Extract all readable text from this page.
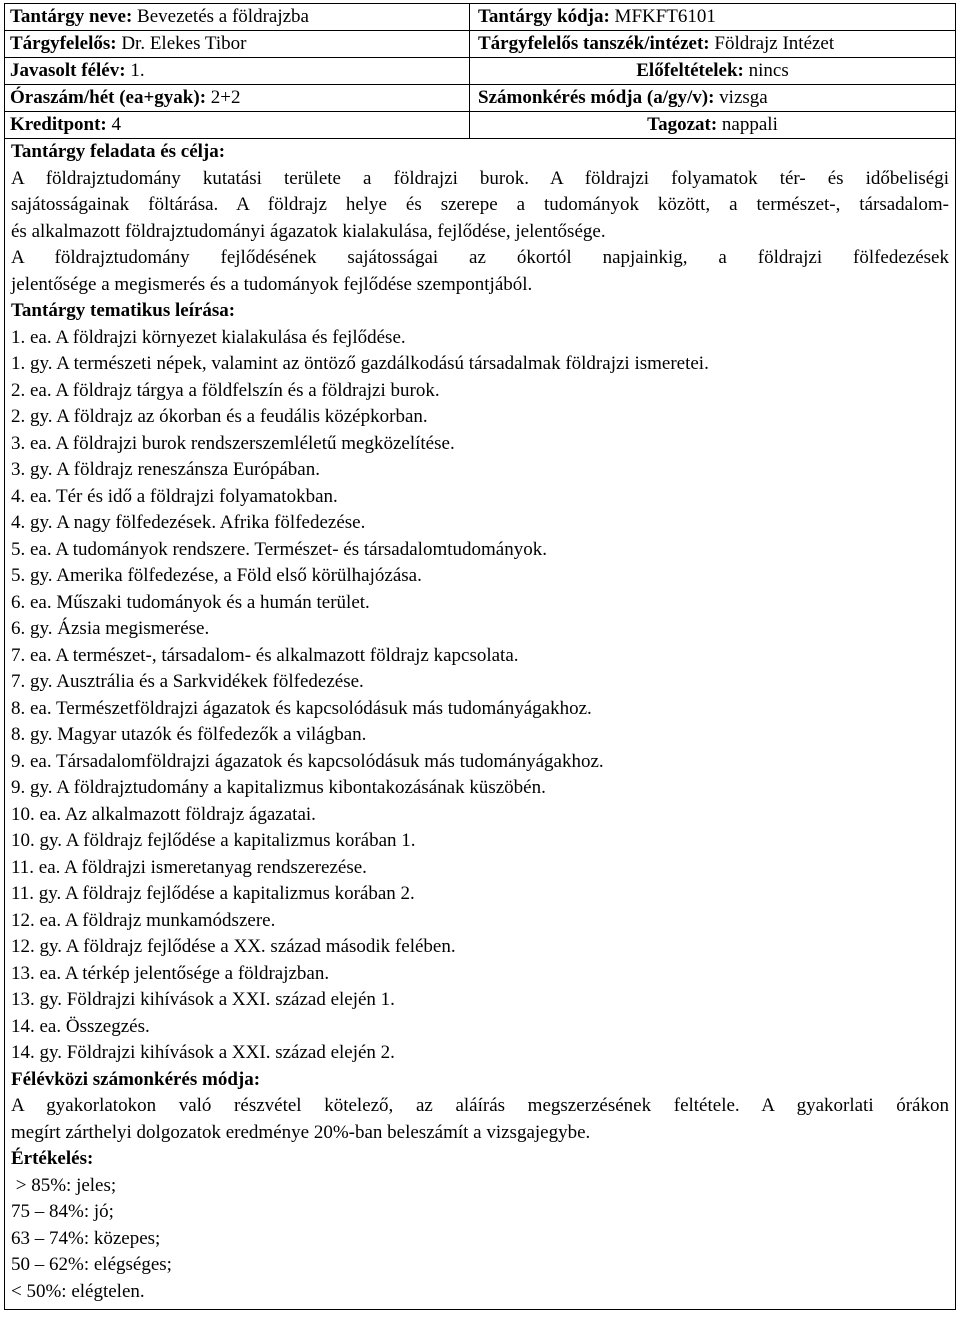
Tantárgy neve: Bevezetés a földrajzba	Tantárgy kódja: MFKFT6101
Tárgyfelelős: Dr. Elekes Tibor	Tárgyfelelős tanszék/intézet: Földrajz Intézet
Javasolt félév: 1.	Előfeltételek: nincs
Óraszám/hét (ea+gyak): 2+2	Számonkérés módja (a/gy/v): vizsga
Kreditpont: 4	Tagozat: nappali
Tantárgy feladata és célja:
A földrajztudomány kutatási területe a földrajzi burok. A földrajzi folyamatok tér- és időbeliségi
sajátosságainak föltárása. A földrajz helye és szerepe a tudományok között, a természet-, társadalom-
és alkalmazott földrajztudományi ágazatok kialakulása, fejlődése, jelentősége.
A földrajztudomány fejlődésének sajátosságai az ókortól napjainkig, a földrajzi fölfedezések
jelentősége a megismerés és a tudományok fejlődése szempontjából.
Tantárgy tematikus leírása:
1. ea. A földrajzi környezet kialakulása és fejlődése.
1. gy. A természeti népek, valamint az öntöző gazdálkodású társadalmak földrajzi ismeretei.
2. ea. A földrajz tárgya a földfelszín és a földrajzi burok.
2. gy. A földrajz az ókorban és a feudális középkorban.
3. ea. A földrajzi burok rendszerszemléletű megközelítése.
3. gy. A földrajz reneszánsza Európában.
4. ea. Tér és idő a földrajzi folyamatokban.
4. gy. A nagy fölfedezések. Afrika fölfedezése.
5. ea. A tudományok rendszere. Természet- és társadalomtudományok.
5. gy. Amerika fölfedezése, a Föld első körülhajózása.
6. ea. Műszaki tudományok és a humán terület.
6. gy. Ázsia megismerése.
7. ea. A természet-, társadalom- és alkalmazott földrajz kapcsolata.
7. gy. Ausztrália és a Sarkvidékek fölfedezése.
8. ea. Természetföldrajzi ágazatok és kapcsolódásuk más tudományágakhoz.
8. gy. Magyar utazók és fölfedezők a világban.
9. ea. Társadalomföldrajzi ágazatok és kapcsolódásuk más tudományágakhoz.
9. gy. A földrajztudomány a kapitalizmus kibontakozásának küszöbén.
10. ea. Az alkalmazott földrajz ágazatai.
10. gy. A földrajz fejlődése a kapitalizmus korában 1.
11. ea. A földrajzi ismeretanyag rendszerezése.
11. gy. A földrajz fejlődése a kapitalizmus korában 2.
12. ea. A földrajz munkamódszere.
12. gy. A földrajz fejlődése a XX. század második felében.
13. ea. A térkép jelentősége a földrajzban.
13. gy. Földrajzi kihívások a XXI. század elején 1.
14. ea. Összegzés.
14. gy. Földrajzi kihívások a XXI. század elején 2.
Félévközi számonkérés módja:
A gyakorlatokon való részvétel kötelező, az aláírás megszerzésének feltétele. A gyakorlati órákon
megírt zárthelyi dolgozatok eredménye 20%-ban beleszámít a vizsgajegybe.
Értékelés:
> 85%: jeles;
75 – 84%: jó;
63 – 74%: közepes;
50 – 62%: elégséges;
< 50%: elégtelen.
